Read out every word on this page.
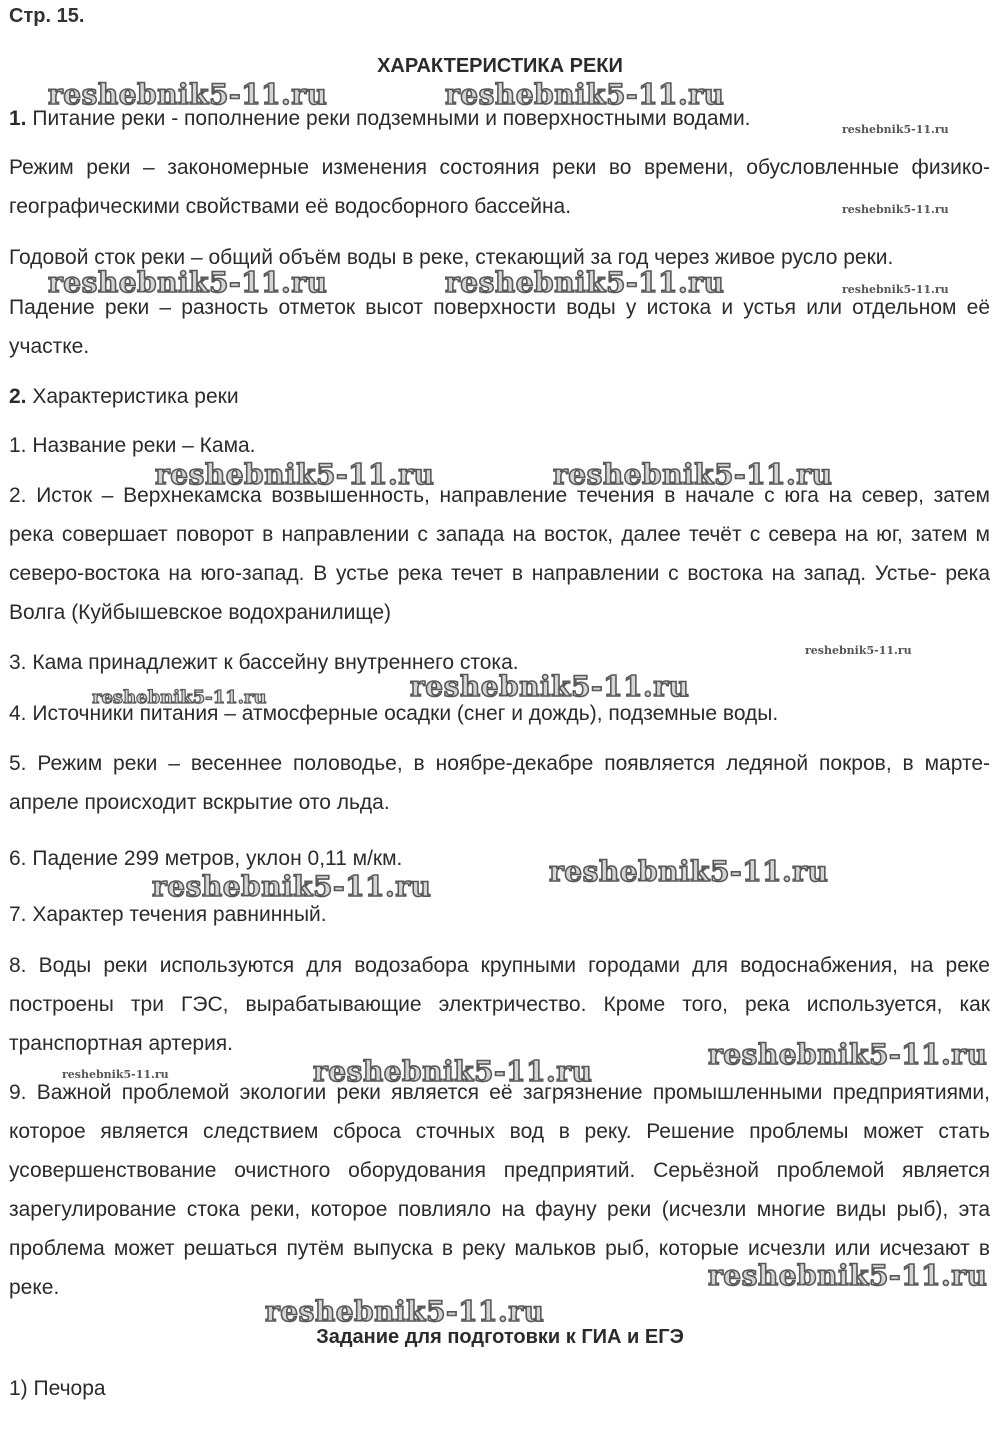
Стр. 15.
ХАРАКТЕРИСТИКА РЕКИ

1. Питание реки - пополнение реки подземными и поверхностными водами.

Режим реки – закономерные изменения состояния реки во времени, обусловленные физико-географическими свойствами её водосборного бассейна.

Годовой сток реки – общий объём воды в реке, стекающий за год через живое русло реки.

Падение реки – разность отметок высот поверхности воды у истока и устья или отдельном её участке.

2. Характеристика реки

1. Название реки – Кама.

2. Исток – Верхнекамска возвышенность, направление течения в начале с юга на север, затем река совершает поворот в направлении с запада на восток, далее течёт с севера на юг, затем м северо-востока на юго-запад. В устье река течет в направлении с востока на запад. Устье- река Волга (Куйбышевское водохранилище)

3. Кама принадлежит к бассейну внутреннего стока.

4. Источники питания – атмосферные осадки (снег и дождь), подземные воды.

5. Режим реки – весеннее половодье, в ноябре-декабре появляется ледяной покров, в марте-апреле происходит вскрытие ото льда.

6. Падение 299 метров, уклон 0,11 м/км.

7. Характер течения равнинный.

8. Воды реки используются для водозабора крупными городами для водоснабжения, на реке построены три ГЭС, вырабатывающие электричество. Кроме того, река используется, как транспортная артерия.

9. Важной проблемой экологии реки является её загрязнение промышленными предприятиями, которое является следствием сброса сточных вод в реку. Решение проблемы может стать усовершенствование очистного оборудования предприятий. Серьёзной проблемой является зарегулирование стока реки, которое повлияло на фауну реки (исчезли многие виды рыб), эта проблема может решаться путём выпуска в реку мальков рыб, которые исчезли или исчезают в реке.

Задание для подготовки к ГИА и ЕГЭ

1) Печора

reshebnik5-11.ru	reshebnik5-11.ru
reshebnik5-11.ru
reshebnik5-11.ru
reshebnik5-11.ru	reshebnik5-11.ru	reshebnik5-11.ru
reshebnik5-11.ru	reshebnik5-11.ru
reshebnik5-11.ru
reshebnik5-11.ru
reshebnik5-11.ru
reshebnik5-11.ru
reshebnik5-11.ru
reshebnik5-11.ru
reshebnik5-11.ru
reshebnik5-11.ru
reshebnik5-11.ru
reshebnik5-11.ru
